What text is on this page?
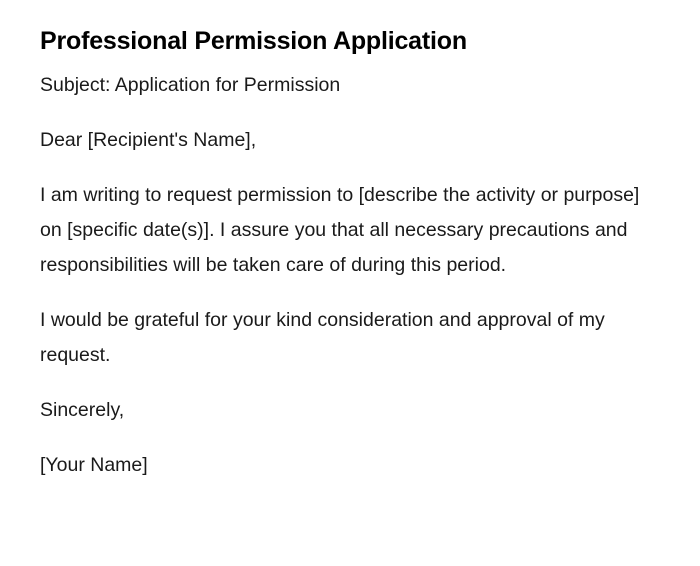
Professional Permission Application

Subject: Application for Permission

Dear [Recipient's Name],

I am writing to request permission to [describe the activity or purpose] on [specific date(s)]. I assure you that all necessary precautions and responsibilities will be taken care of during this period.

I would be grateful for your kind consideration and approval of my request.

Sincerely,

[Your Name]
